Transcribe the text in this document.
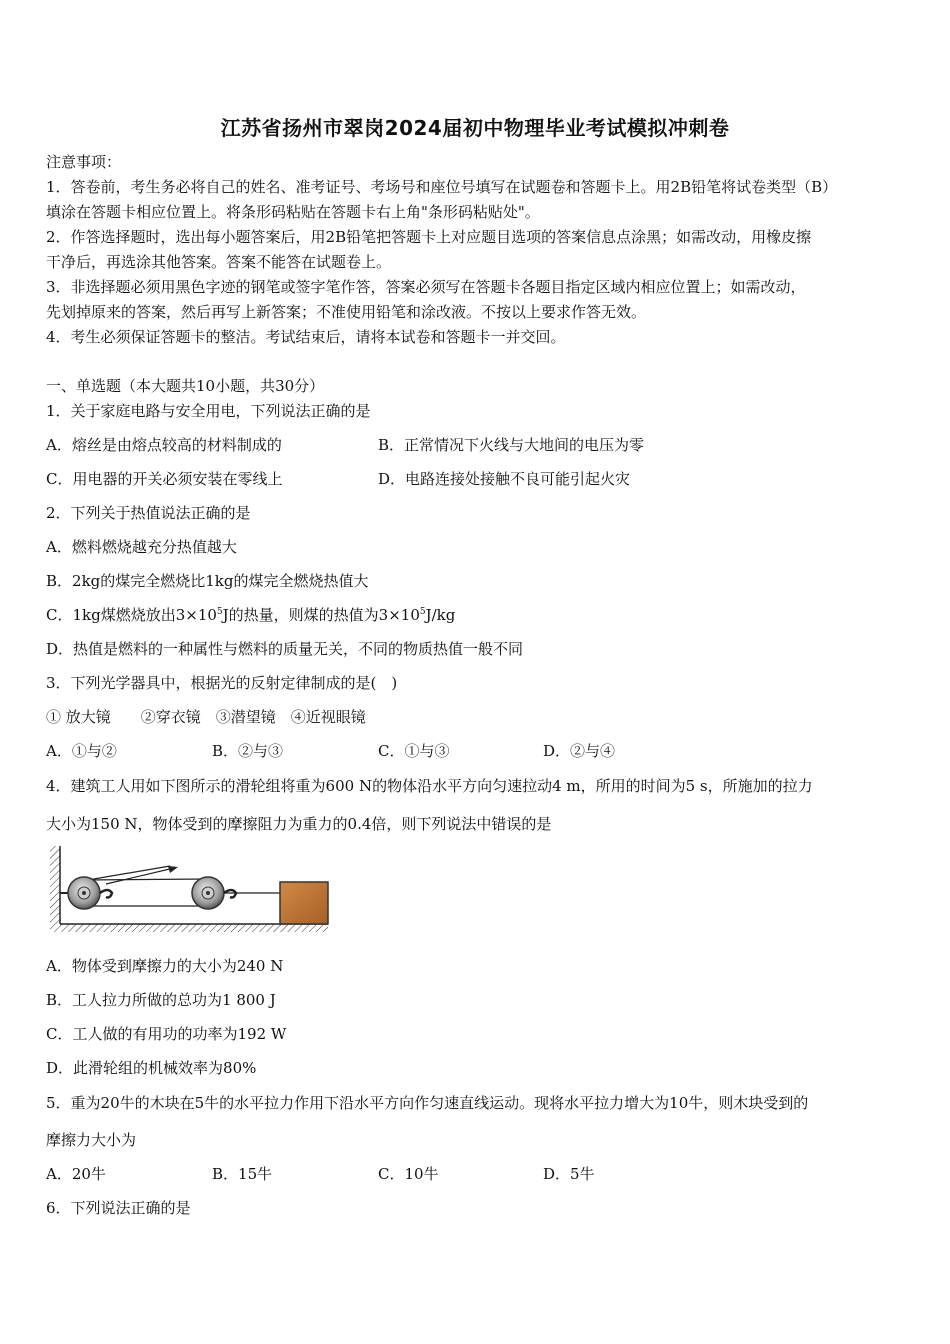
江苏省扬州市翠岗2024届初中物理毕业考试模拟冲刺卷
注意事项：
1．答卷前，考生务必将自己的姓名、准考证号、考场号和座位号填写在试题卷和答题卡上。用2B铅笔将试卷类型（B）
填涂在答题卡相应位置上。将条形码粘贴在答题卡右上角"条形码粘贴处"。
2．作答选择题时，选出每小题答案后，用2B铅笔把答题卡上对应题目选项的答案信息点涂黑；如需改动，用橡皮擦
干净后，再选涂其他答案。答案不能答在试题卷上。
3．非选择题必须用黑色字迹的钢笔或签字笔作答，答案必须写在答题卡各题目指定区域内相应位置上；如需改动，
先划掉原来的答案，然后再写上新答案；不准使用铅笔和涂改液。不按以上要求作答无效。
4．考生必须保证答题卡的整洁。考试结束后，请将本试卷和答题卡一并交回。
一、单选题（本大题共10小题，共30分）
1．关于家庭电路与安全用电，下列说法正确的是
A．熔丝是由熔点较高的材料制成的	B．正常情况下火线与大地间的电压为零
C．用电器的开关必须安装在零线上	D．电路连接处接触不良可能引起火灾
2．下列关于热值说法正确的是
A．燃料燃烧越充分热值越大
B．2kg的煤完全燃烧比1kg的煤完全燃烧热值大
C．1kg煤燃烧放出$3\times 10^5J$的热量，则煤的热值为$3\times 10^5J/kg$
D．热值是燃料的一种属性与燃料的质量无关，不同的物质热值一般不同
3．下列光学器具中，根据光的反射定律制成的是(　)
① 放大镜　　②穿衣镜　③潜望镜　④近视眼镜
A．①与②	B．②与③	C．①与③	D．②与④
4．建筑工人用如下图所示的滑轮组将重为600 N的物体沿水平方向匀速拉动4 m，所用的时间为5 s，所施加的拉力
大小为150 N，物体受到的摩擦阻力为重力的0.4倍，则下列说法中错误的是
A．物体受到摩擦力的大小为240 N
B．工人拉力所做的总功为1 800 J
C．工人做的有用功的功率为192 W
D．此滑轮组的机械效率为80%
5．重为20牛的木块在5牛的水平拉力作用下沿水平方向作匀速直线运动。现将水平拉力增大为10牛，则木块受到的
摩擦力大小为
A．20牛	B．15牛	C．10牛	D．5牛
6．下列说法正确的是
